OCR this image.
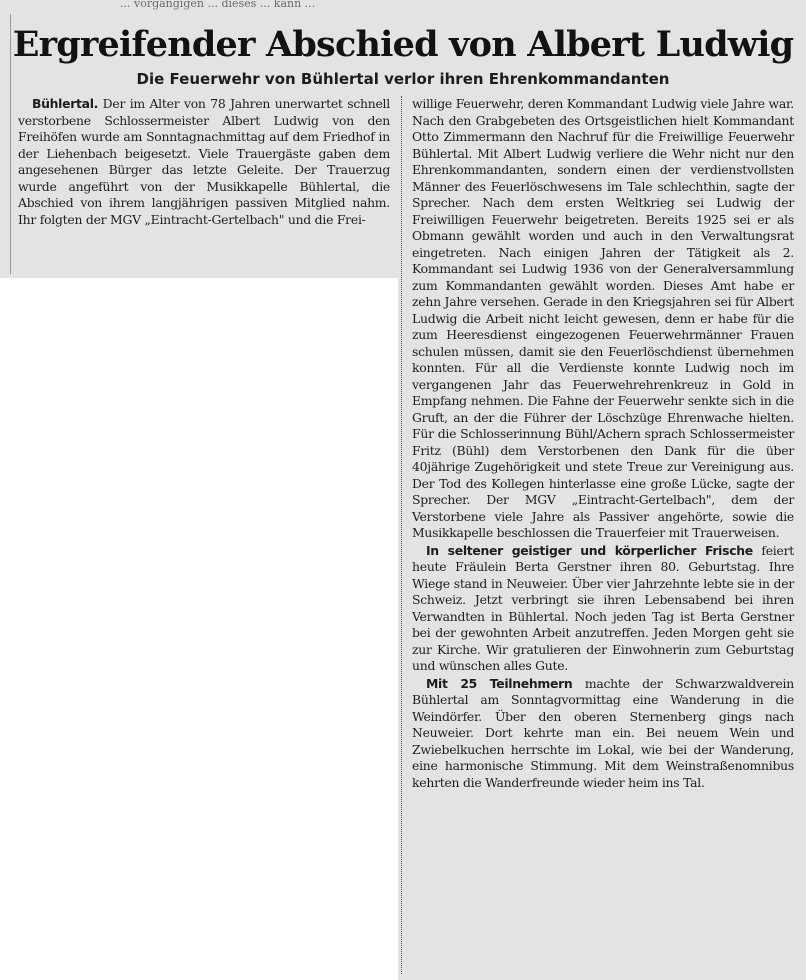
... vorgängigen ... dieses ... kann ...

Ergreifender Abschied von Albert Ludwig
Die Feuerwehr von Bühlertal verlor ihren Ehrenkommandanten

Bühlertal. Der im Alter von 78 Jahren unerwartet schnell verstorbene Schlossermeister Albert Ludwig von den Freihöfen wurde am Sonntagnachmittag auf dem Friedhof in der Liehenbach beigesetzt. Viele Trauergäste gaben dem angesehenen Bürger das letzte Geleite. Der Trauerzug wurde angeführt von der Musikkapelle Bühlertal, die Abschied von ihrem langjährigen passiven Mitglied nahm. Ihr folgten der MGV „Eintracht-Gertelbach" und die Frei-

willige Feuerwehr, deren Kommandant Ludwig viele Jahre war. Nach den Grabgebeten des Ortsgeistlichen hielt Kommandant Otto Zimmermann den Nachruf für die Freiwillige Feuerwehr Bühlertal. Mit Albert Ludwig verliere die Wehr nicht nur den Ehrenkommandanten, sondern einen der verdienstvollsten Männer des Feuerlöschwesens im Tale schlechthin, sagte der Sprecher. Nach dem ersten Weltkrieg sei Ludwig der Freiwilligen Feuerwehr beigetreten. Bereits 1925 sei er als Obmann gewählt worden und auch in den Verwaltungsrat eingetreten. Nach einigen Jahren der Tätigkeit als 2. Kommandant sei Ludwig 1936 von der Generalversammlung zum Kommandanten gewählt worden. Dieses Amt habe er zehn Jahre versehen. Gerade in den Kriegsjahren sei für Albert Ludwig die Arbeit nicht leicht gewesen, denn er habe für die zum Heeresdienst eingezogenen Feuerwehrmänner Frauen schulen müssen, damit sie den Feuerlöschdienst übernehmen konnten. Für all die Verdienste konnte Ludwig noch im vergangenen Jahr das Feuerwehrehrenkreuz in Gold in Empfang nehmen. Die Fahne der Feuerwehr senkte sich in die Gruft, an der die Führer der Löschzüge Ehrenwache hielten. Für die Schlosserinnung Bühl/Achern sprach Schlossermeister Fritz (Bühl) dem Verstorbenen den Dank für die über 40jährige Zugehörigkeit und stete Treue zur Vereinigung aus. Der Tod des Kollegen hinterlasse eine große Lücke, sagte der Sprecher. Der MGV „Eintracht-Gertelbach", dem der Verstorbene viele Jahre als Passiver angehörte, sowie die Musikkapelle beschlossen die Trauerfeier mit Trauerweisen.

In seltener geistiger und körperlicher Frische feiert heute Fräulein Berta Gerstner ihren 80. Geburtstag. Ihre Wiege stand in Neuweier. Über vier Jahrzehnte lebte sie in der Schweiz. Jetzt verbringt sie ihren Lebensabend bei ihren Verwandten in Bühlertal. Noch jeden Tag ist Berta Gerstner bei der gewohnten Arbeit anzutreffen. Jeden Morgen geht sie zur Kirche. Wir gratulieren der Einwohnerin zum Geburtstag und wünschen alles Gute.

Mit 25 Teilnehmern machte der Schwarzwaldverein Bühlertal am Sonntagvormittag eine Wanderung in die Weindörfer. Über den oberen Sternenberg gings nach Neuweier. Dort kehrte man ein. Bei neuem Wein und Zwiebelkuchen herrschte im Lokal, wie bei der Wanderung, eine harmonische Stimmung. Mit dem Weinstraßenomnibus kehrten die Wanderfreunde wieder heim ins Tal.
